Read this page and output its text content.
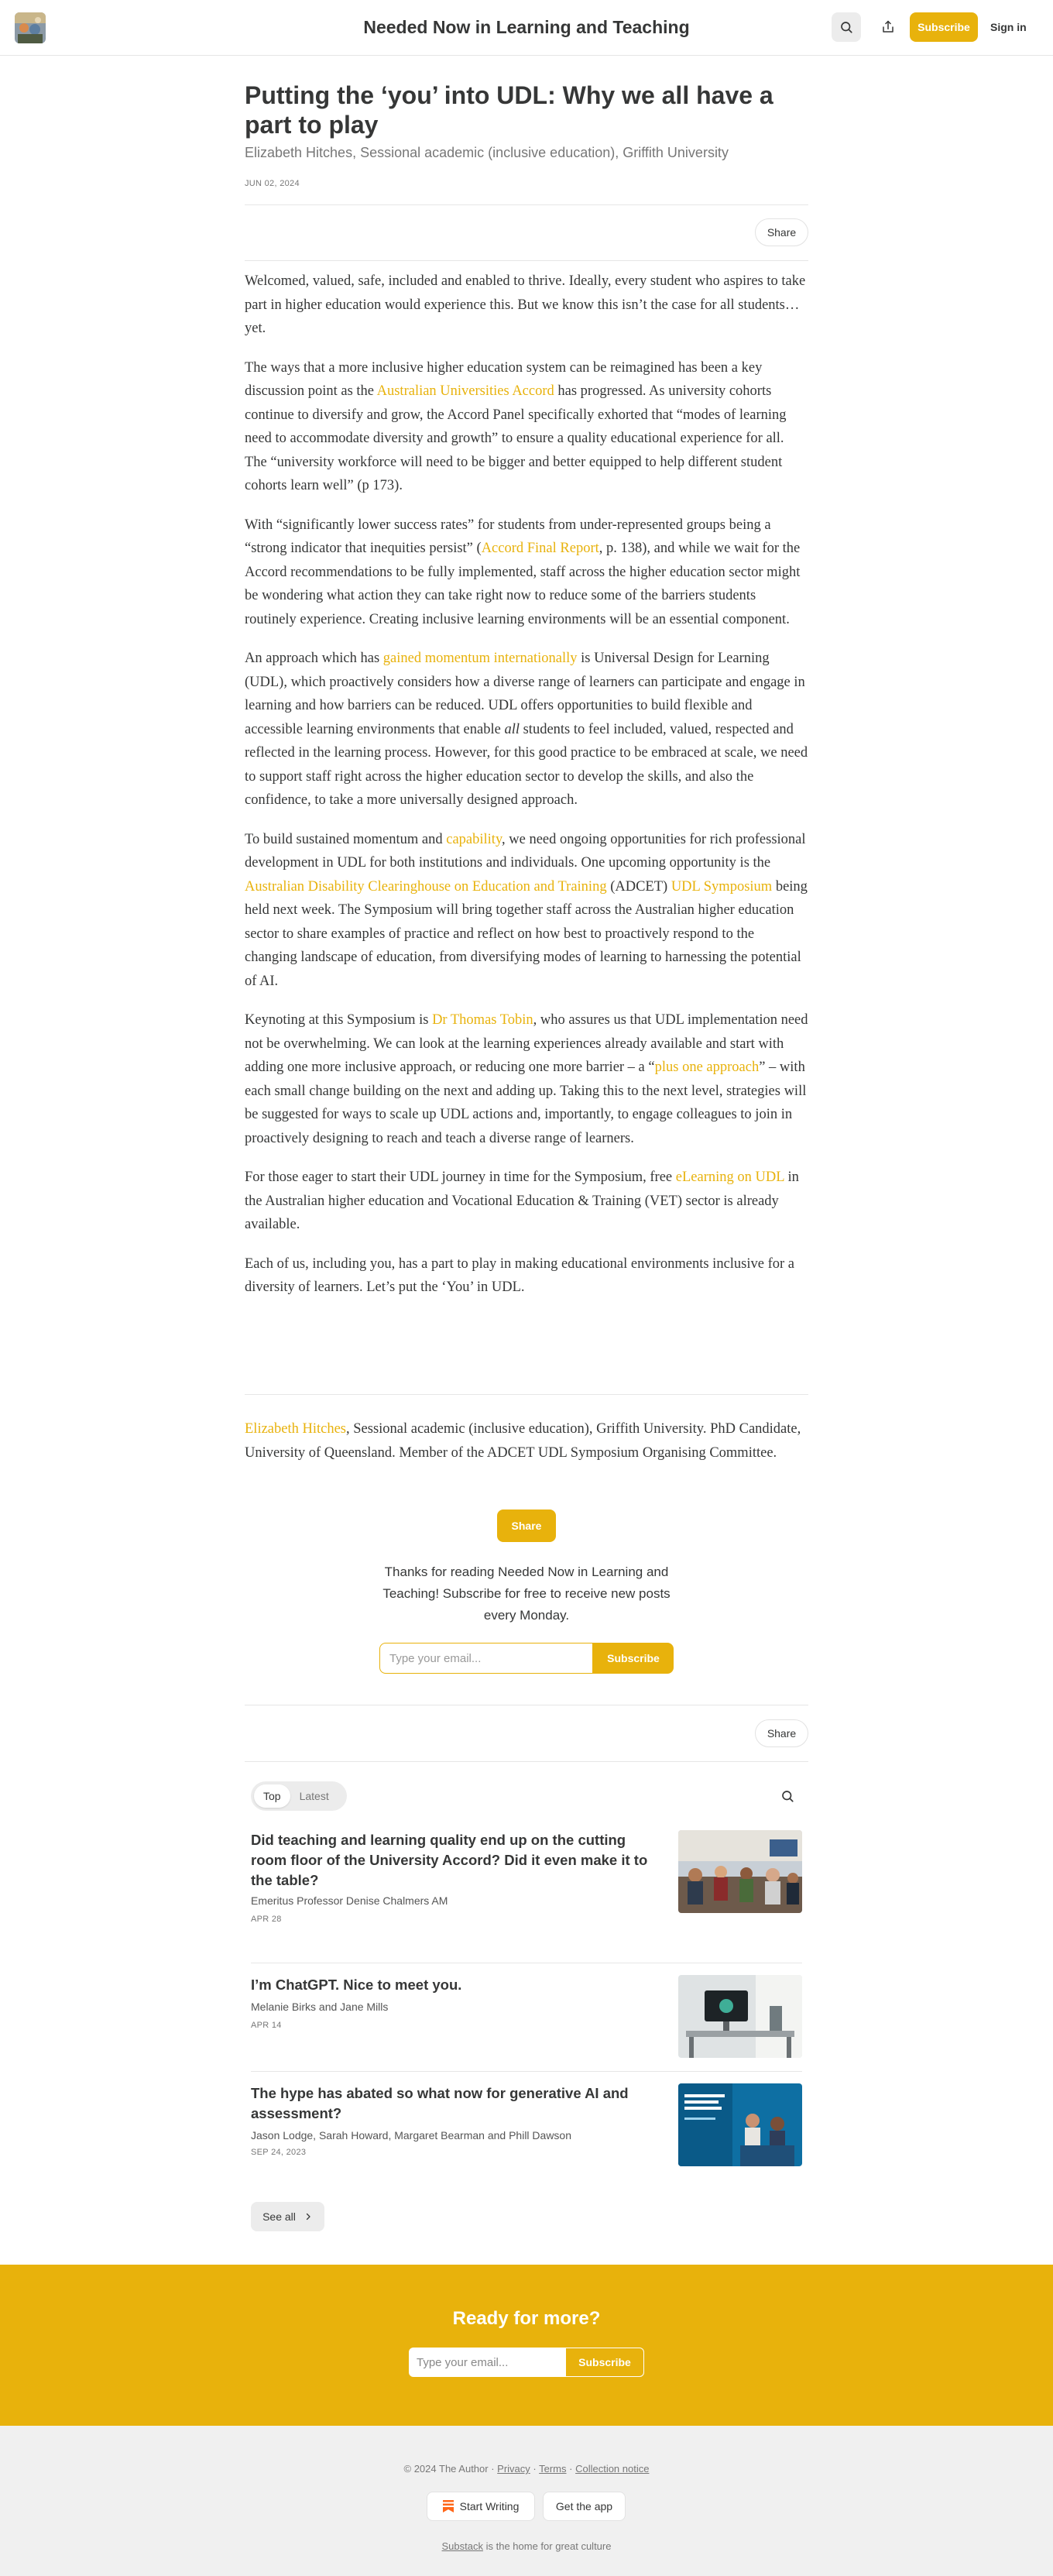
Needed Now in Learning and Teaching	Subscribe	Sign in
Putting the ‘you’ into UDL: Why we all have a part to play
Elizabeth Hitches, Sessional academic (inclusive education), Griffith University
JUN 02, 2024
Share

Welcomed, valued, safe, included and enabled to thrive. Ideally, every student who aspires to take part in higher education would experience this. But we know this isn’t the case for all students…yet.

The ways that a more inclusive higher education system can be reimagined has been a key discussion point as the Australian Universities Accord has progressed. As university cohorts continue to diversify and grow, the Accord Panel specifically exhorted that “modes of learning need to accommodate diversity and growth” to ensure a quality educational experience for all. The “university workforce will need to be bigger and better equipped to help different student cohorts learn well” (p 173).

With “significantly lower success rates” for students from under-represented groups being a “strong indicator that inequities persist” (Accord Final Report, p. 138), and while we wait for the Accord recommendations to be fully implemented, staff across the higher education sector might be wondering what action they can take right now to reduce some of the barriers students routinely experience. Creating inclusive learning environments will be an essential component.

An approach which has gained momentum internationally is Universal Design for Learning (UDL), which proactively considers how a diverse range of learners can participate and engage in learning and how barriers can be reduced. UDL offers opportunities to build flexible and accessible learning environments that enable all students to feel included, valued, respected and reflected in the learning process. However, for this good practice to be embraced at scale, we need to support staff right across the higher education sector to develop the skills, and also the confidence, to take a more universally designed approach.

To build sustained momentum and capability, we need ongoing opportunities for rich professional development in UDL for both institutions and individuals. One upcoming opportunity is the Australian Disability Clearinghouse on Education and Training (ADCET) UDL Symposium being held next week. The Symposium will bring together staff across the Australian higher education sector to share examples of practice and reflect on how best to proactively respond to the changing landscape of education, from diversifying modes of learning to harnessing the potential of AI.

Keynoting at this Symposium is Dr Thomas Tobin, who assures us that UDL implementation need not be overwhelming. We can look at the learning experiences already available and start with adding one more inclusive approach, or reducing one more barrier – a “plus one approach” – with each small change building on the next and adding up. Taking this to the next level, strategies will be suggested for ways to scale up UDL actions and, importantly, to engage colleagues to join in proactively designing to reach and teach a diverse range of learners.

For those eager to start their UDL journey in time for the Symposium, free eLearning on UDL in the Australian higher education and Vocational Education & Training (VET) sector is already available.

Each of us, including you, has a part to play in making educational environments inclusive for a diversity of learners. Let’s put the ‘You’ in UDL.

Elizabeth Hitches, Sessional academic (inclusive education), Griffith University. PhD Candidate, University of Queensland. Member of the ADCET UDL Symposium Organising Committee.
Share
Thanks for reading Needed Now in Learning and Teaching! Subscribe for free to receive new posts every Monday.
Type your email...	Subscribe
Share
Top	Latest
Did teaching and learning quality end up on the cutting room floor of the University Accord? Did it even make it to the table?
Emeritus Professor Denise Chalmers AM
APR 28
I’m ChatGPT. Nice to meet you.
Melanie Birks and Jane Mills
APR 14
The hype has abated so what now for generative AI and assessment?
Jason Lodge, Sarah Howard, Margaret Bearman and Phill Dawson
SEP 24, 2023
See all
Ready for more?
Type your email...	Subscribe
© 2024 The Author · Privacy · Terms · Collection notice
Start Writing	Get the app
Substack is the home for great culture
